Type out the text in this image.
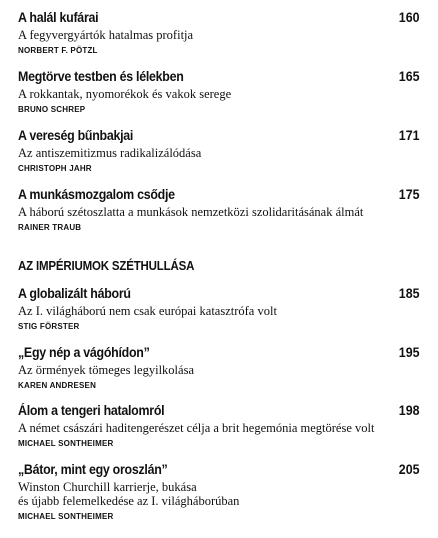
A halál kufárai	160
A fegyvergyártók hatalmas profitja
NORBERT F. PÖTZL
Megtörve testben és lélekben	165
A rokkantak, nyomorékok és vakok serege
BRUNO SCHREP
A vereség bűnbakjai	171
Az antiszemitizmus radikalizálódása
CHRISTOPH JAHR
A munkásmozgalom csődje	175
A háború szétoszlatta a munkások nemzetközi szolidaritásának álmát
RAINER TRAUB
AZ IMPÉRIUMOK SZÉTHULLÁSA
A globalizált háború	185
Az I. világháború nem csak európai katasztrófa volt
STIG FÖRSTER
„Egy nép a vágóhídon”	195
Az örmények tömeges legyilkolása
KAREN ANDRESEN
Álom a tengeri hatalomról	198
A német császári haditengerészet célja a brit hegemónia megtörése volt
MICHAEL SONTHEIMER
„Bátor, mint egy oroszlán”	205
Winston Churchill karrierje, bukása
és újabb felemelkedése az I. világháborúban
MICHAEL SONTHEIMER
